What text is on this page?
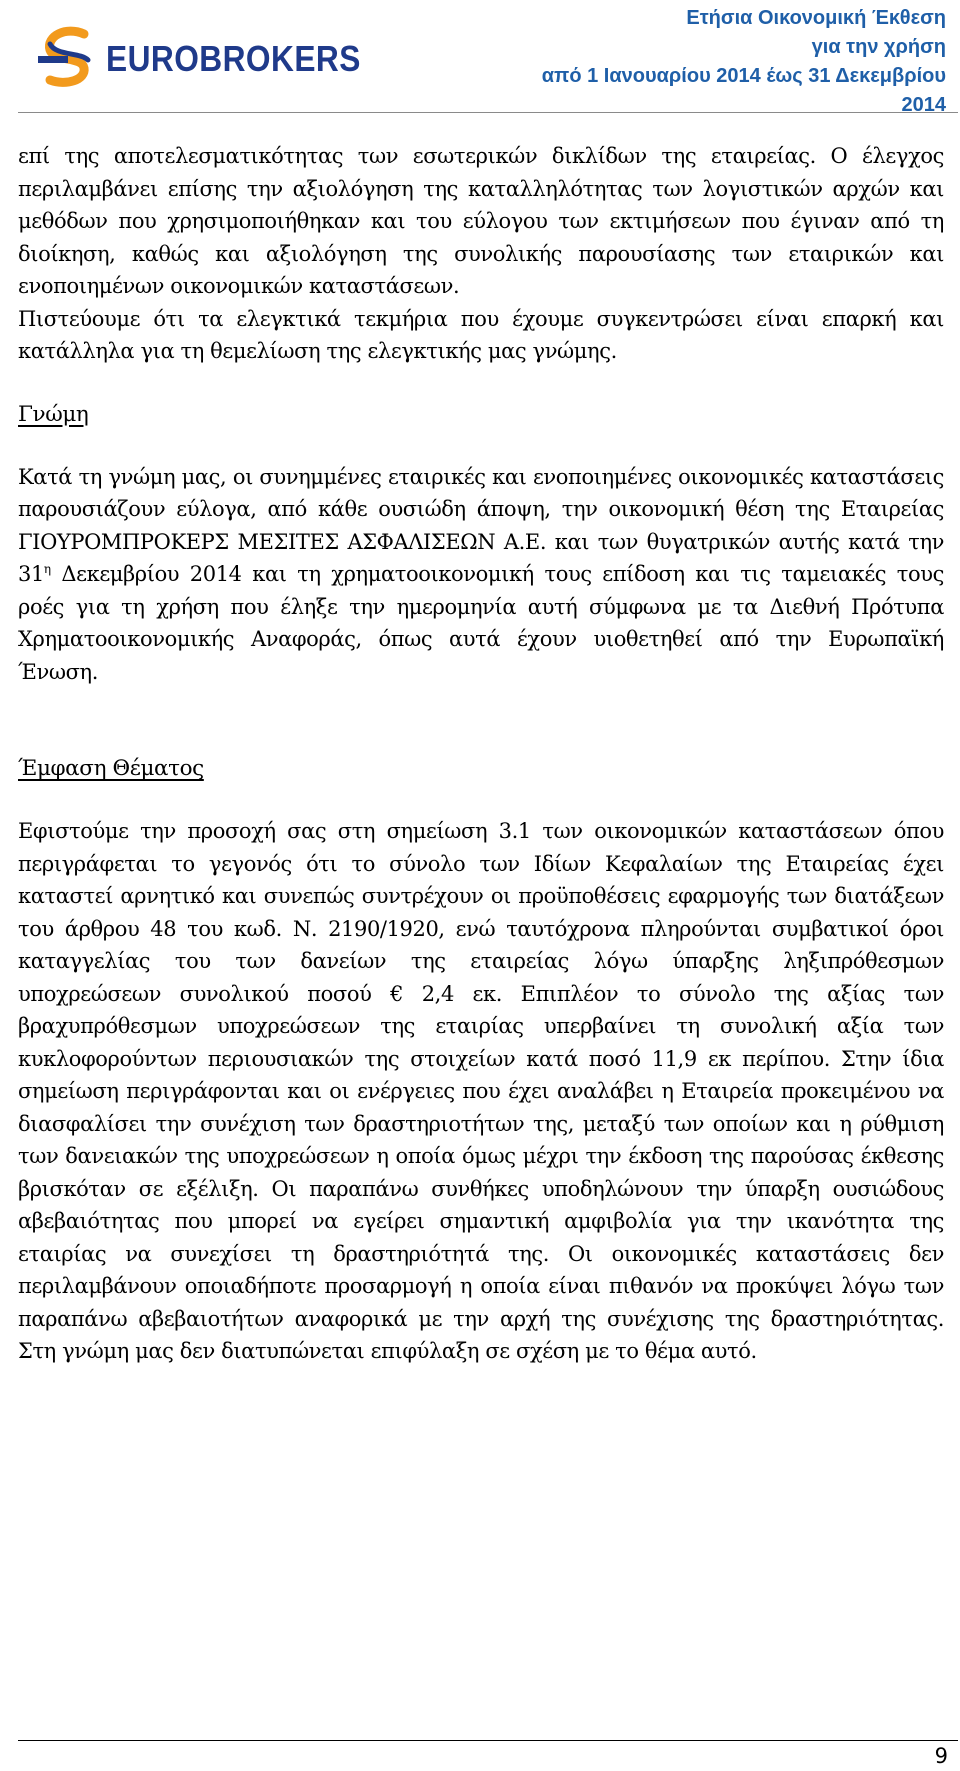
EUROBROKERS
Ετήσια Οικονομική Έκθεση
για την χρήση
από 1 Ιανουαρίου 2014 έως 31 Δεκεμβρίου
2014

επί της αποτελεσματικότητας των εσωτερικών δικλίδων της εταιρείας. Ο έλεγχος περιλαμβάνει επίσης την αξιολόγηση της καταλληλότητας των λογιστικών αρχών και μεθόδων που χρησιμοποιήθηκαν και του εύλογου των εκτιμήσεων που έγιναν από τη διοίκηση, καθώς και αξιολόγηση της συνολικής παρουσίασης των εταιρικών και ενοποιημένων οικονομικών καταστάσεων.

Πιστεύουμε ότι τα ελεγκτικά τεκμήρια που έχουμε συγκεντρώσει είναι επαρκή και κατάλληλα για τη θεμελίωση της ελεγκτικής μας γνώμης.

Γνώμη

Κατά τη γνώμη μας, οι συνημμένες εταιρικές και ενοποιημένες οικονομικές καταστάσεις παρουσιάζουν εύλογα, από κάθε ουσιώδη άποψη, την οικονομική θέση της Εταιρείας ΓΙΟΥΡΟΜΠΡΟΚΕΡΣ ΜΕΣΙΤΕΣ ΑΣΦΑΛΙΣΕΩΝ Α.Ε. και των θυγατρικών αυτής κατά την $31^\eta$ Δεκεμβρίου 2014 και τη χρηματοοικονομική τους επίδοση και τις ταμειακές τους ροές για τη χρήση που έληξε την ημερομηνία αυτή σύμφωνα με τα Διεθνή Πρότυπα Χρηματοοικονομικής Αναφοράς, όπως αυτά έχουν υιοθετηθεί από την Ευρωπαϊκή Ένωση.

Έμφαση Θέματος

Εφιστούμε την προσοχή σας στη σημείωση 3.1 των οικονομικών καταστάσεων όπου περιγράφεται το γεγονός ότι το σύνολο των Ιδίων Κεφαλαίων της Εταιρείας έχει καταστεί αρνητικό και συνεπώς συντρέχουν οι προϋποθέσεις εφαρμογής των διατάξεων του άρθρου 48 του κωδ. Ν. 2190/1920, ενώ ταυτόχρονα πληρούνται συμβατικοί όροι καταγγελίας του των δανείων της εταιρείας λόγω ύπαρξης ληξιπρόθεσμων υποχρεώσεων συνολικού ποσού € 2,4 εκ. Επιπλέον το σύνολο της αξίας των βραχυπρόθεσμων υποχρεώσεων της εταιρίας υπερβαίνει τη συνολική αξία των κυκλοφορούντων περιουσιακών της στοιχείων κατά ποσό 11,9 εκ περίπου. Στην ίδια σημείωση περιγράφονται και οι ενέργειες που έχει αναλάβει η Εταιρεία προκειμένου να διασφαλίσει την συνέχιση των δραστηριοτήτων της, μεταξύ των οποίων και η ρύθμιση των δανειακών της υποχρεώσεων η οποία όμως μέχρι την έκδοση της παρούσας έκθεσης βρισκόταν σε εξέλιξη. Οι παραπάνω συνθήκες υποδηλώνουν την ύπαρξη ουσιώδους αβεβαιότητας που μπορεί να εγείρει σημαντική αμφιβολία για την ικανότητα της εταιρίας να συνεχίσει τη δραστηριότητά της. Οι οικονομικές καταστάσεις δεν περιλαμβάνουν οποιαδήποτε προσαρμογή η οποία είναι πιθανόν να προκύψει λόγω των παραπάνω αβεβαιοτήτων αναφορικά με την αρχή της συνέχισης της δραστηριότητας. Στη γνώμη μας δεν διατυπώνεται επιφύλαξη σε σχέση με το θέμα αυτό.

9
